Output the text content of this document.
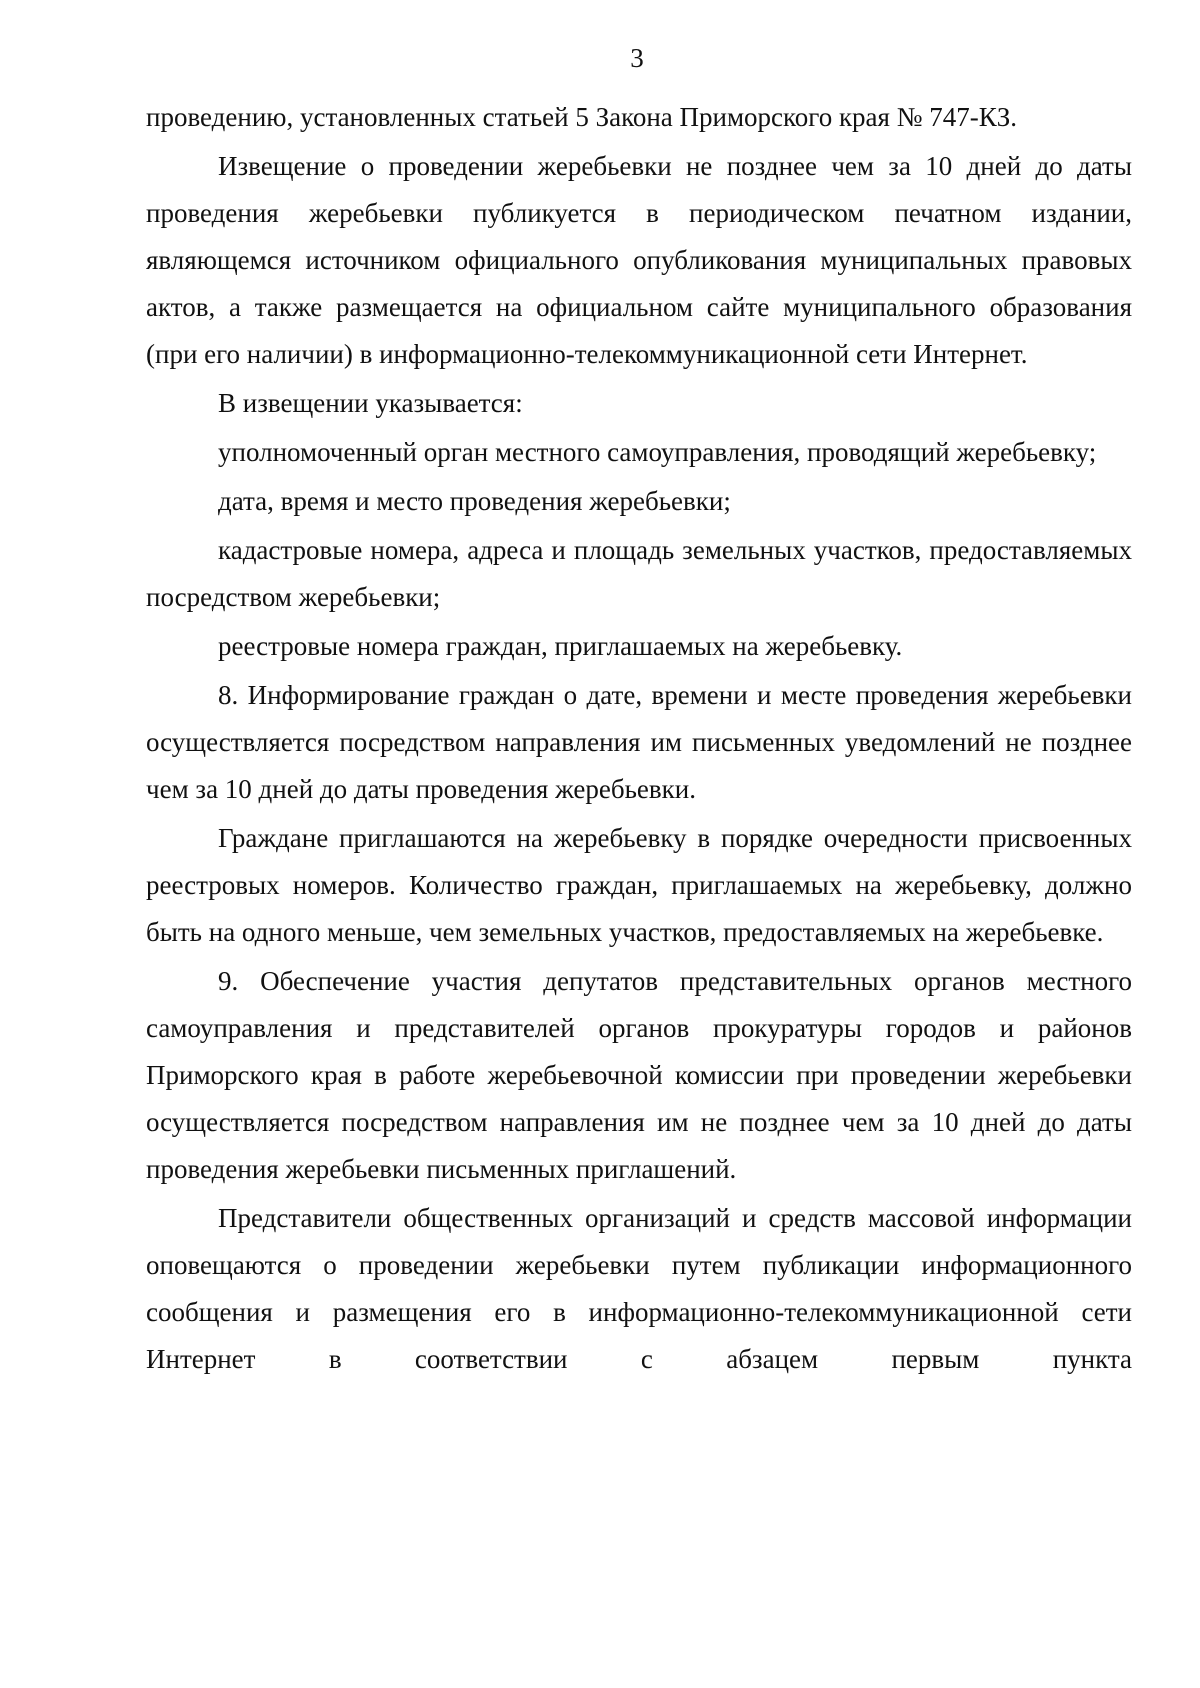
3

проведению, установленных статьей 5 Закона Приморского края № 747-КЗ.

Извещение о проведении жеребьевки не позднее чем за 10 дней до даты проведения жеребьевки публикуется в периодическом печатном издании, являющемся источником официального опубликования муниципальных правовых актов, а также размещается на официальном сайте муниципального образования (при его наличии) в информационно-телекоммуникационной сети Интернет.

В извещении указывается:

уполномоченный орган местного самоуправления, проводящий жеребьевку;

дата, время и место проведения жеребьевки;

кадастровые номера, адреса и площадь земельных участков, предоставляемых посредством жеребьевки;

реестровые номера граждан, приглашаемых на жеребьевку.

8. Информирование граждан о дате, времени и месте проведения жеребьевки осуществляется посредством направления им письменных уведомлений не позднее чем за 10 дней до даты проведения жеребьевки.

Граждане приглашаются на жеребьевку в порядке очередности присвоенных реестровых номеров. Количество граждан, приглашаемых на жеребьевку, должно быть на одного меньше, чем земельных участков, предоставляемых на жеребьевке.

9. Обеспечение участия депутатов представительных органов местного самоуправления и представителей органов прокуратуры городов и районов Приморского края в работе жеребьевочной комиссии при проведении жеребьевки осуществляется посредством направления им не позднее чем за 10 дней до даты проведения жеребьевки письменных приглашений.

Представители общественных организаций и средств массовой информации оповещаются о проведении жеребьевки путем публикации информационного сообщения и размещения его в информационно-телекоммуникационной сети Интернет в соответствии с абзацем первым пункта
